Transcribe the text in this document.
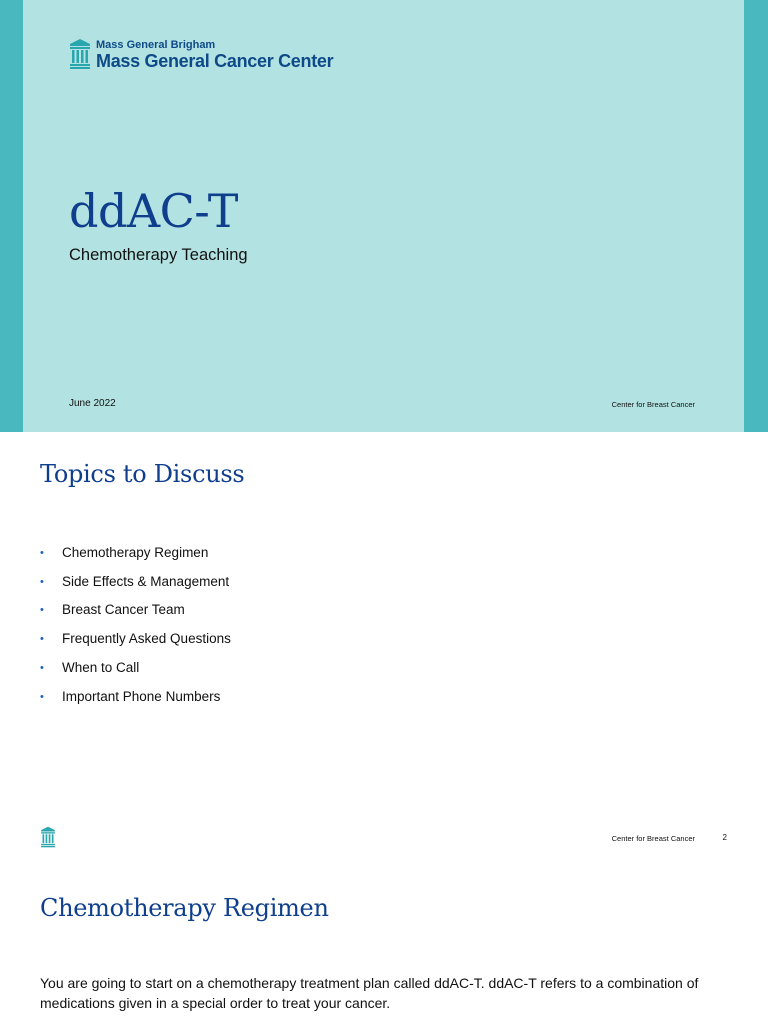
Mass General Brigham
Mass General Cancer Center
ddAC-T
Chemotherapy Teaching
June 2022	Center for Breast Cancer
Topics to Discuss
• Chemotherapy Regimen
• Side Effects & Management
• Breast Cancer Team
• Frequently Asked Questions
• When to Call
• Important Phone Numbers
Center for Breast Cancer	2
Chemotherapy Regimen
You are going to start on a chemotherapy treatment plan called ddAC-T. ddAC-T refers to a combination of medications given in a special order to treat your cancer.
